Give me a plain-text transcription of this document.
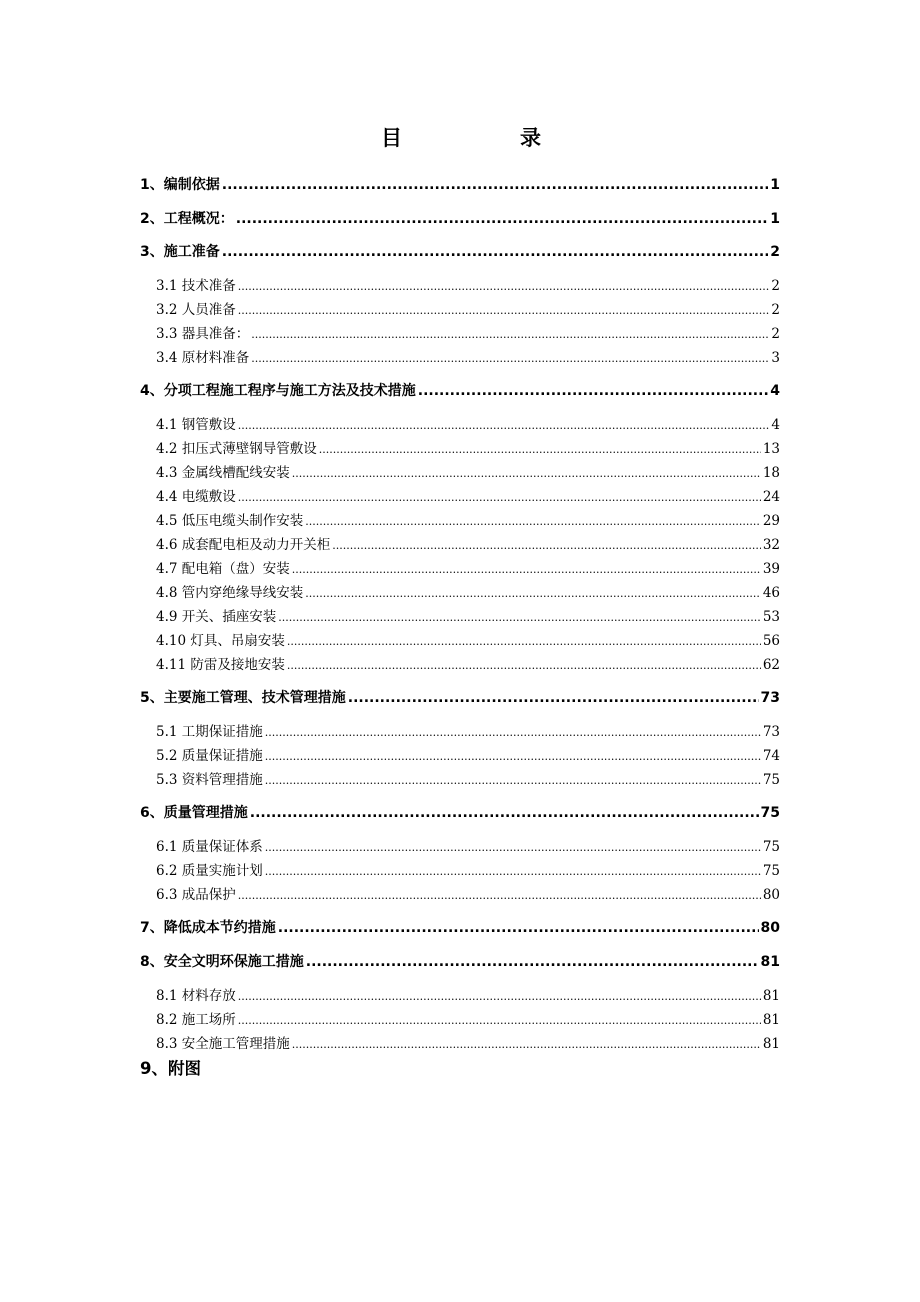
目	录
1、编制依据 .....	1
2、工程概况： .....	1
3、施工准备 .....	2
3.1 技术准备 .....	2
3.2 人员准备 .....	2
3.3 器具准备： .....	2
3.4 原材料准备 .....	3
4、分项工程施工程序与施工方法及技术措施 .....	4
4.1 钢管敷设 .....	4
4.2 扣压式薄壁钢导管敷设 .....	13
4.3 金属线槽配线安装 .....	18
4.4 电缆敷设 .....	24
4.5 低压电缆头制作安装 .....	29
4.6 成套配电柜及动力开关柜 .....	32
4.7 配电箱（盘）安装 .....	39
4.8 管内穿绝缘导线安装 .....	46
4.9 开关、插座安装 .....	53
4.10 灯具、吊扇安装 .....	56
4.11 防雷及接地安装 .....	62
5、主要施工管理、技术管理措施 .....	73
5.1 工期保证措施 .....	73
5.2 质量保证措施 .....	74
5.3 资料管理措施 .....	75
6、质量管理措施 .....	75
6.1 质量保证体系 .....	75
6.2 质量实施计划 .....	75
6.3 成品保护 .....	80
7、降低成本节约措施 .....	80
8、安全文明环保施工措施 .....	81
8.1 材料存放 .....	81
8.2 施工场所 .....	81
8.3 安全施工管理措施 .....	81
9、附图
